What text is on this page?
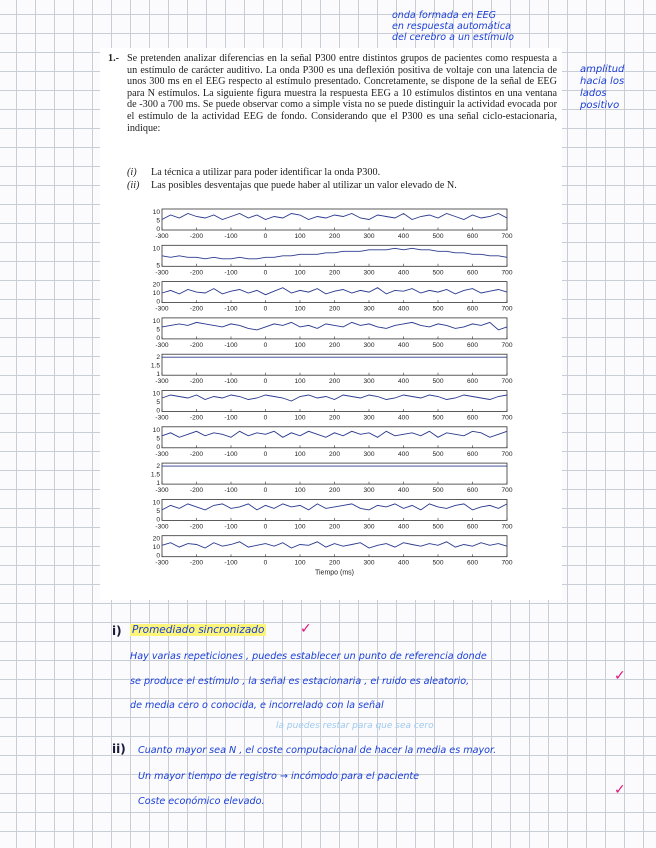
1.- Se pretenden analizar diferencias en la señal P300 entre distintos grupos de pacientes como respuesta a un estímulo de carácter auditivo. La onda P300 es una deflexión positiva de voltaje con una latencia de unos 300 ms en el EEG respecto al estímulo presentado. Concretamente, se dispone de la señal de EEG para N estímulos. La siguiente figura muestra la respuesta EEG a 10 estímulos distintos en una ventana de -300 a 700 ms. Se puede observar como a simple vista no se puede distinguir la actividad evocada por el estímulo de la actividad EEG de fondo. Considerando que el P300 es una señal ciclo-estacionaria, indique:
(i) La técnica a utilizar para poder identificar la onda P300.
(ii) Las posibles desventajas que puede haber al utilizar un valor elevado de N.
10
5
0
-300	-200	-100	0	100	200	300	400	500	600	700
10
5
-300	-200	-100	0	100	200	300	400	500	600	700
20
10
0
-300	-200	-100	0	100	200	300	400	500	600	700
10
5
0
-300	-200	-100	0	100	200	300	400	500	600	700
2
1.5
1
-300	-200	-100	0	100	200	300	400	500	600	700
10
5
0
-300	-200	-100	0	100	200	300	400	500	600	700
10
5
0
-300	-200	-100	0	100	200	300	400	500	600	700
2
1.5
1
-300	-200	-100	0	100	200	300	400	500	600	700
10
5
0
-300	-200	-100	0	100	200	300	400	500	600	700
20
10
0
-300	-200	-100	0	100	200	300	400	500	600	700
Tiempo (ms)
onda formada en EEG
en respuesta automática
del cerebro a un estímulo
amplitud
hacia los
lados
positivo
i) Promediado sincronizado	✓
Hay varias repeticiones , puedes establecer un punto de referencia donde
se produce el estímulo , la señal es estacionaria , el ruido es aleatorio,	✓
de media cero o conocida, e incorrelado con la señal
la puedes restar para que sea cero
ii) Cuanto mayor sea N , el coste computacional de hacer la media es mayor.
Un mayor tiempo de registro → incómodo para el paciente
✓
Coste económico elevado.
